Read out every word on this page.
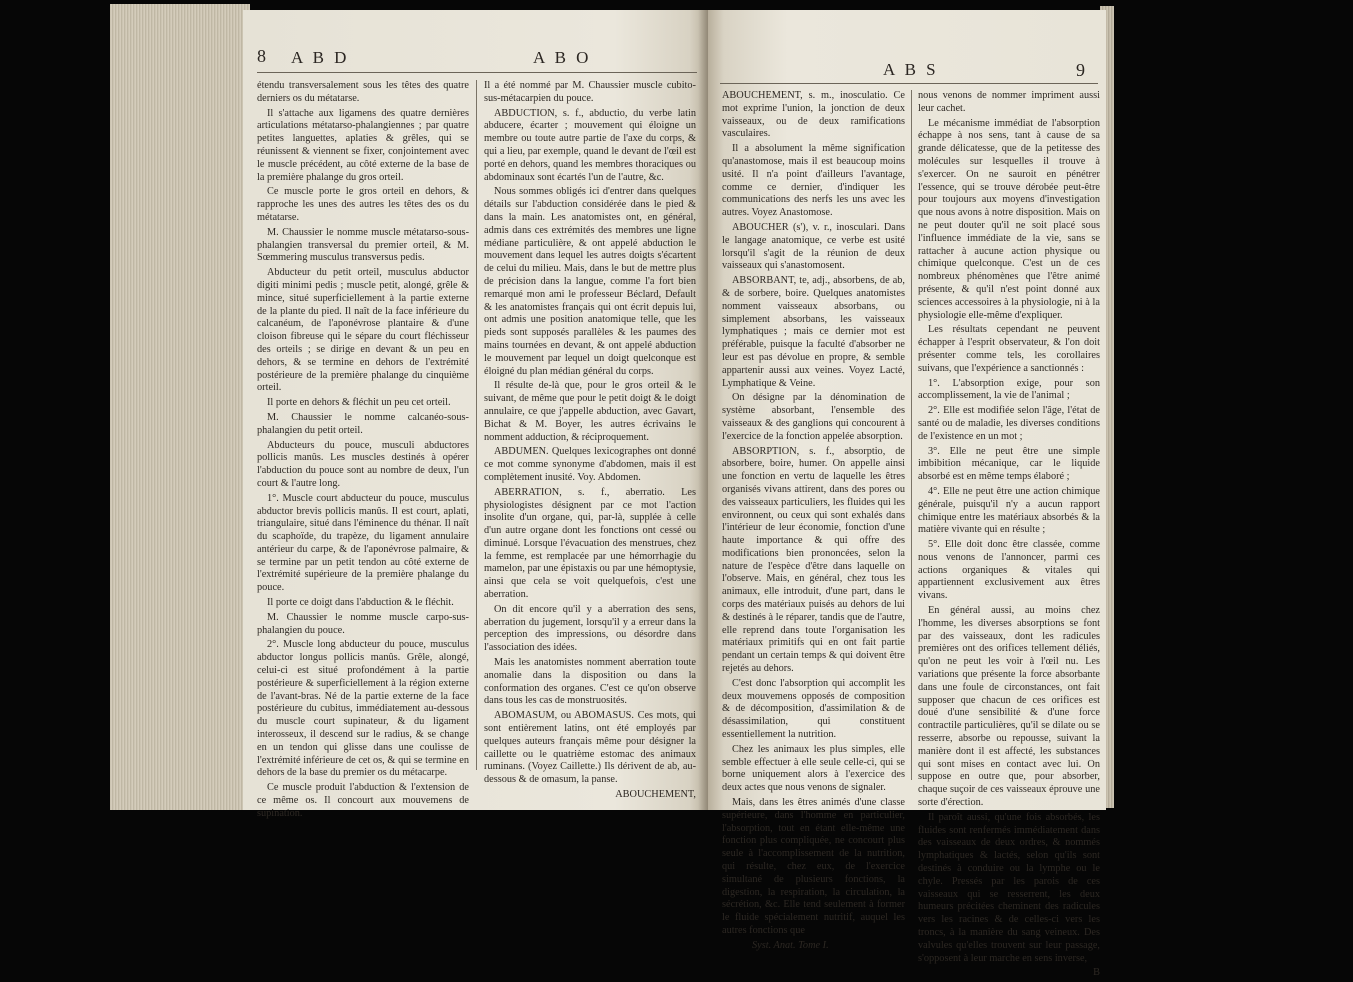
8 A B D	A B O

étendu transversalement sous les têtes des quatre derniers os du métatarse.

Il s'attache aux ligamens des quatre dernières articulations métatarso-phalangiennes ; par quatre petites languettes, aplaties & grêles, qui se réunissent & viennent se fixer, conjointement avec le muscle précédent, au côté externe de la base de la première phalange du gros orteil.

Ce muscle porte le gros orteil en dehors, & rapproche les unes des autres les têtes des os du métatarse.

M. Chaussier le nomme muscle métatarso-sous-phalangien transversal du premier orteil, & M. Sœmmering musculus transversus pedis.

Abducteur du petit orteil, musculus abductor digiti minimi pedis ; muscle petit, alongé, grêle & mince, situé superficiellement à la partie externe de la plante du pied. Il naît de la face inférieure du calcanéum, de l'aponévrose plantaire & d'une cloison fibreuse qui le sépare du court fléchisseur des orteils ; se dirige en devant & un peu en dehors, & se termine en dehors de l'extrémité postérieure de la première phalange du cinquième orteil.

Il porte en dehors & fléchit un peu cet orteil.

M. Chaussier le nomme calcanéo-sous-phalangien du petit orteil.

Abducteurs du pouce, musculi abductores pollicis manûs. Les muscles destinés à opérer l'abduction du pouce sont au nombre de deux, l'un court & l'autre long.

1°. Muscle court abducteur du pouce, musculus abductor brevis pollicis manûs. Il est court, aplati, triangulaire, situé dans l'éminence du thénar. Il naît du scaphoïde, du trapèze, du ligament annulaire antérieur du carpe, & de l'aponévrose palmaire, & se termine par un petit tendon au côté externe de l'extrémité supérieure de la première phalange du pouce.

Il porte ce doigt dans l'abduction & le fléchit.

M. Chaussier le nomme muscle carpo-sus-phalangien du pouce.

2°. Muscle long abducteur du pouce, musculus abductor longus pollicis manûs. Grêle, alongé, celui-ci est situé profondément à la partie postérieure & superficiellement à la région externe de l'avant-bras. Né de la partie externe de la face postérieure du cubitus, immédiatement au-dessous du muscle court supinateur, & du ligament interosseux, il descend sur le radius, & se change en un tendon qui glisse dans une coulisse de l'extrémité inférieure de cet os, & qui se termine en dehors de la base du premier os du métacarpe.

Ce muscle produit l'abduction & l'extension de ce même os. Il concourt aux mouvemens de supination.

Il a été nommé par M. Chaussier muscle cubito-sus-métacarpien du pouce.

ABDUCTION, s. f., abductio, du verbe latin abducere, écarter ; mouvement qui éloigne un membre ou toute autre partie de l'axe du corps, & qui a lieu, par exemple, quand le devant de l'œil est porté en dehors, quand les membres thoraciques ou abdominaux sont écartés l'un de l'autre, &c.

Nous sommes obligés ici d'entrer dans quelques détails sur l'abduction considérée dans le pied & dans la main. Les anatomistes ont, en général, admis dans ces extrémités des membres une ligne médiane particulière, & ont appelé abduction le mouvement dans lequel les autres doigts s'écartent de celui du milieu. Mais, dans le but de mettre plus de précision dans la langue, comme l'a fort bien remarqué mon ami le professeur Béclard, Default & les anatomistes français qui ont écrit depuis lui, ont admis une position anatomique telle, que les pieds sont supposés parallèles & les paumes des mains tournées en devant, & ont appelé abduction le mouvement par lequel un doigt quelconque est éloigné du plan médian général du corps.

Il résulte de-là que, pour le gros orteil & le suivant, de même que pour le petit doigt & le doigt annulaire, ce que j'appelle abduction, avec Gavart, Bichat & M. Boyer, les autres écrivains le nomment adduction, & réciproquement.

ABDUMEN. Quelques lexicographes ont donné ce mot comme synonyme d'abdomen, mais il est complètement inusité. Voy. Abdomen.

ABERRATION, s. f., aberratio. Les physiologistes désignent par ce mot l'action insolite d'un organe, qui, par-là, supplée à celle d'un autre organe dont les fonctions ont cessé ou diminué. Lorsque l'évacuation des menstrues, chez la femme, est remplacée par une hémorrhagie du mamelon, par une épistaxis ou par une hémoptysie, ainsi que cela se voit quelquefois, c'est une aberration.

On dit encore qu'il y a aberration des sens, aberration du jugement, lorsqu'il y a erreur dans la perception des impressions, ou désordre dans l'association des idées.

Mais les anatomistes nomment aberration toute anomalie dans la disposition ou dans la conformation des organes. C'est ce qu'on observe dans tous les cas de monstruosités.

ABOMASUM, ou ABOMASUS. Ces mots, qui sont entièrement latins, ont été employés par quelques auteurs français même pour désigner la caillette ou le quatrième estomac des animaux ruminans. (Voyez Caillette.) Ils dérivent de ab, au-dessous & de omasum, la panse.

ABOUCHEMENT,

A B S	9

ABOUCHEMENT, s. m., inosculatio. Ce mot exprime l'union, la jonction de deux vaisseaux, ou de deux ramifications vasculaires.

Il a absolument la même signification qu'anastomose, mais il est beaucoup moins usité. Il n'a point d'ailleurs l'avantage, comme ce dernier, d'indiquer les communications des nerfs les uns avec les autres. Voyez Anastomose.

ABOUCHER (s'), v. r., inosculari. Dans le langage anatomique, ce verbe est usité lorsqu'il s'agit de la réunion de deux vaisseaux qui s'anastomosent.

ABSORBANT, te, adj., absorbens, de ab, & de sorbere, boire. Quelques anatomistes nomment vaisseaux absorbans, ou simplement absorbans, les vaisseaux lymphatiques ; mais ce dernier mot est préférable, puisque la faculté d'absorber ne leur est pas dévolue en propre, & semble appartenir aussi aux veines. Voyez Lacté, Lymphatique & Veine.

On désigne par la dénomination de système absorbant, l'ensemble des vaisseaux & des ganglions qui concourent à l'exercice de la fonction appelée absorption.

ABSORPTION, s. f., absorptio, de absorbere, boire, humer. On appelle ainsi une fonction en vertu de laquelle les êtres organisés vivans attirent, dans des pores ou des vaisseaux particuliers, les fluides qui les environnent, ou ceux qui sont exhalés dans l'intérieur de leur économie, fonction d'une haute importance & qui offre des modifications bien prononcées, selon la nature de l'espèce d'être dans laquelle on l'observe. Mais, en général, chez tous les animaux, elle introduit, d'une part, dans le corps des matériaux puisés au dehors de lui & destinés à le réparer, tandis que de l'autre, elle reprend dans toute l'organisation les matériaux primitifs qui en ont fait partie pendant un certain temps & qui doivent être rejetés au dehors.

C'est donc l'absorption qui accomplit les deux mouvemens opposés de composition & de décomposition, d'assimilation & de désassimilation, qui constituent essentiellement la nutrition.

Chez les animaux les plus simples, elle semble effectuer à elle seule celle-ci, qui se borne uniquement alors à l'exercice des deux actes que nous venons de signaler.

Mais, dans les êtres animés d'une classe supérieure, dans l'homme en particulier, l'absorption, tout en étant elle-même une fonction plus compliquée, ne concourt plus seule à l'accomplissement de la nutrition, qui résulte, chez eux, de l'exercice simultané de plusieurs fonctions, la digestion, la respiration, la circulation, la sécrétion, &c. Elle tend seulement à former le fluide spécialement nutritif, auquel les autres fonctions que

Syst. Anat. Tome I.

nous venons de nommer impriment aussi leur cachet.

Le mécanisme immédiat de l'absorption échappe à nos sens, tant à cause de sa grande délicatesse, que de la petitesse des molécules sur lesquelles il trouve à s'exercer. On ne sauroit en pénétrer l'essence, qui se trouve dérobée peut-être pour toujours aux moyens d'investigation que nous avons à notre disposition. Mais on ne peut douter qu'il ne soit placé sous l'influence immédiate de la vie, sans se rattacher à aucune action physique ou chimique quelconque. C'est un de ces nombreux phénomènes que l'être animé présente, & qu'il n'est point donné aux sciences accessoires à la physiologie, ni à la physiologie elle-même d'expliquer.

Les résultats cependant ne peuvent échapper à l'esprit observateur, & l'on doit présenter comme tels, les corollaires suivans, que l'expérience a sanctionnés :

1°. L'absorption exige, pour son accomplissement, la vie de l'animal ;

2°. Elle est modifiée selon l'âge, l'état de santé ou de maladie, les diverses conditions de l'existence en un mot ;

3°. Elle ne peut être une simple imbibition mécanique, car le liquide absorbé est en même temps élaboré ;

4°. Elle ne peut être une action chimique générale, puisqu'il n'y a aucun rapport chimique entre les matériaux absorbés & la matière vivante qui en résulte ;

5°. Elle doit donc être classée, comme nous venons de l'annoncer, parmi ces actions organiques & vitales qui appartiennent exclusivement aux êtres vivans.

En général aussi, au moins chez l'homme, les diverses absorptions se font par des vaisseaux, dont les radicules premières ont des orifices tellement déliés, qu'on ne peut les voir à l'œil nu. Les variations que présente la force absorbante dans une foule de circonstances, ont fait supposer que chacun de ces orifices est doué d'une sensibilité & d'une force contractile particulières, qu'il se dilate ou se resserre, absorbe ou repousse, suivant la manière dont il est affecté, les substances qui sont mises en contact avec lui. On suppose en outre que, pour absorber, chaque suçoir de ces vaisseaux éprouve une sorte d'érection.

Il paroît aussi, qu'une fois absorbés, les fluides sont renfermés immédiatement dans des vaisseaux de deux ordres, & nommés lymphatiques & lactés, selon qu'ils sont destinés à conduire ou la lymphe ou le chyle. Pressés par les parois de ces vaisseaux qui se resserrent, les deux humeurs précitées cheminent des radicules vers les racines & de celles-ci vers les troncs, à la manière du sang veineux. Des valvules qu'elles trouvent sur leur passage, s'opposent à leur marche en sens inverse,

B
